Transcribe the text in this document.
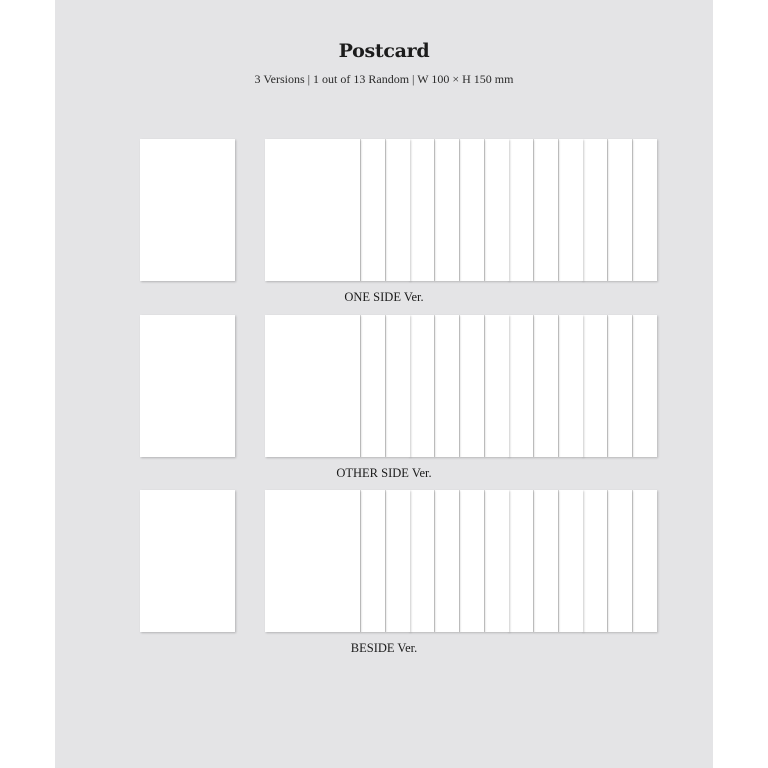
Postcard
3 Versions | 1 out of 13 Random | W 100 × H 150 mm
ONE SIDE Ver.
OTHER SIDE Ver.
BESIDE Ver.
